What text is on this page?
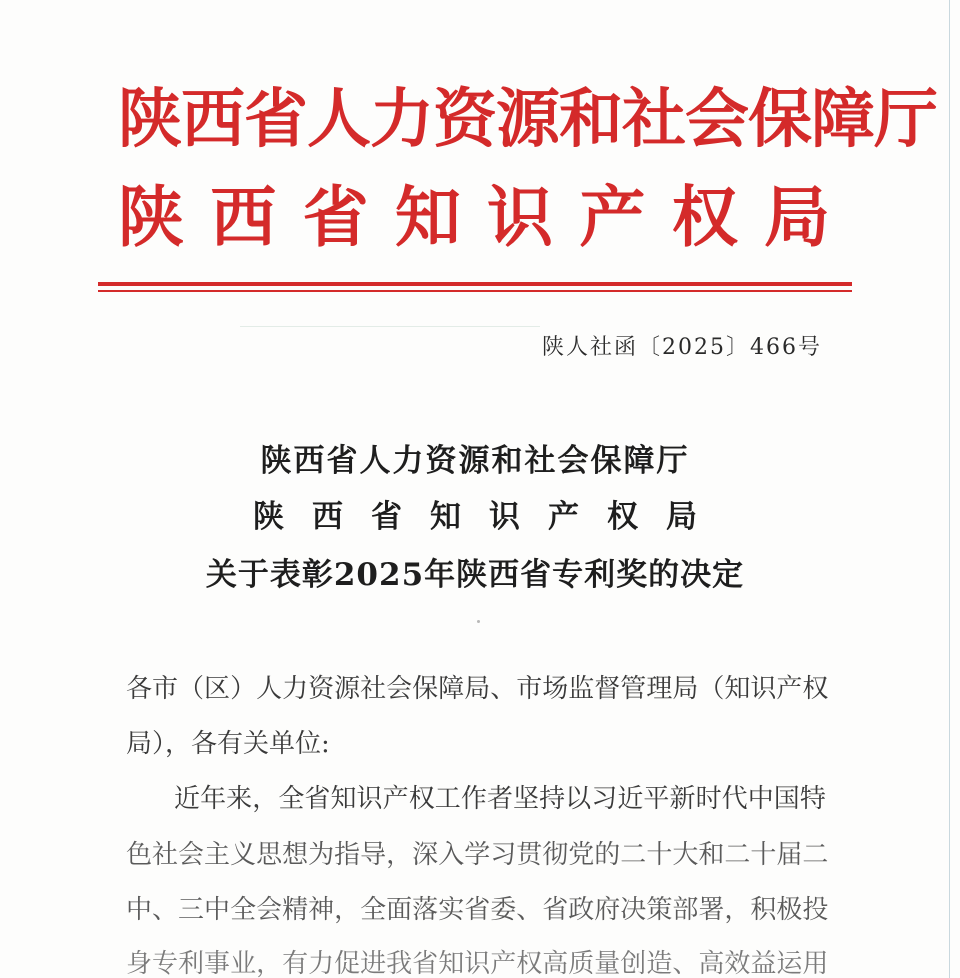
陕西省人力资源和社会保障厅
陕 西 省 知 识 产 权 局
陕人社函〔2025〕466号
陕西省人力资源和社会保障厅
陕西省知识产权局
关于表彰2025年陕西省专利奖的决定
各 市 （ 区 ） 人 力 资 源 社 会 保 障 局 、 市 场 监 督 管 理 局 （ 知 识 产 权
局），各有关单位:
近 年 来 ， 全 省 知 识 产 权 工 作 者 坚 持 以 习 近 平 新 时 代 中 国 特
色 社 会 主 义 思 想 为 指 导 ， 深 入 学 习 贯 彻 党 的 二 十 大 和 二 十 届 二
中 、 三 中 全 会 精 神 ， 全 面 落 实 省 委 、 省 政 府 决 策 部 署 ， 积 极 投
身 专 利 事 业 ， 有 力 促 进 我 省 知 识 产 权 高 质 量 创 造 、 高 效 益 运 用
